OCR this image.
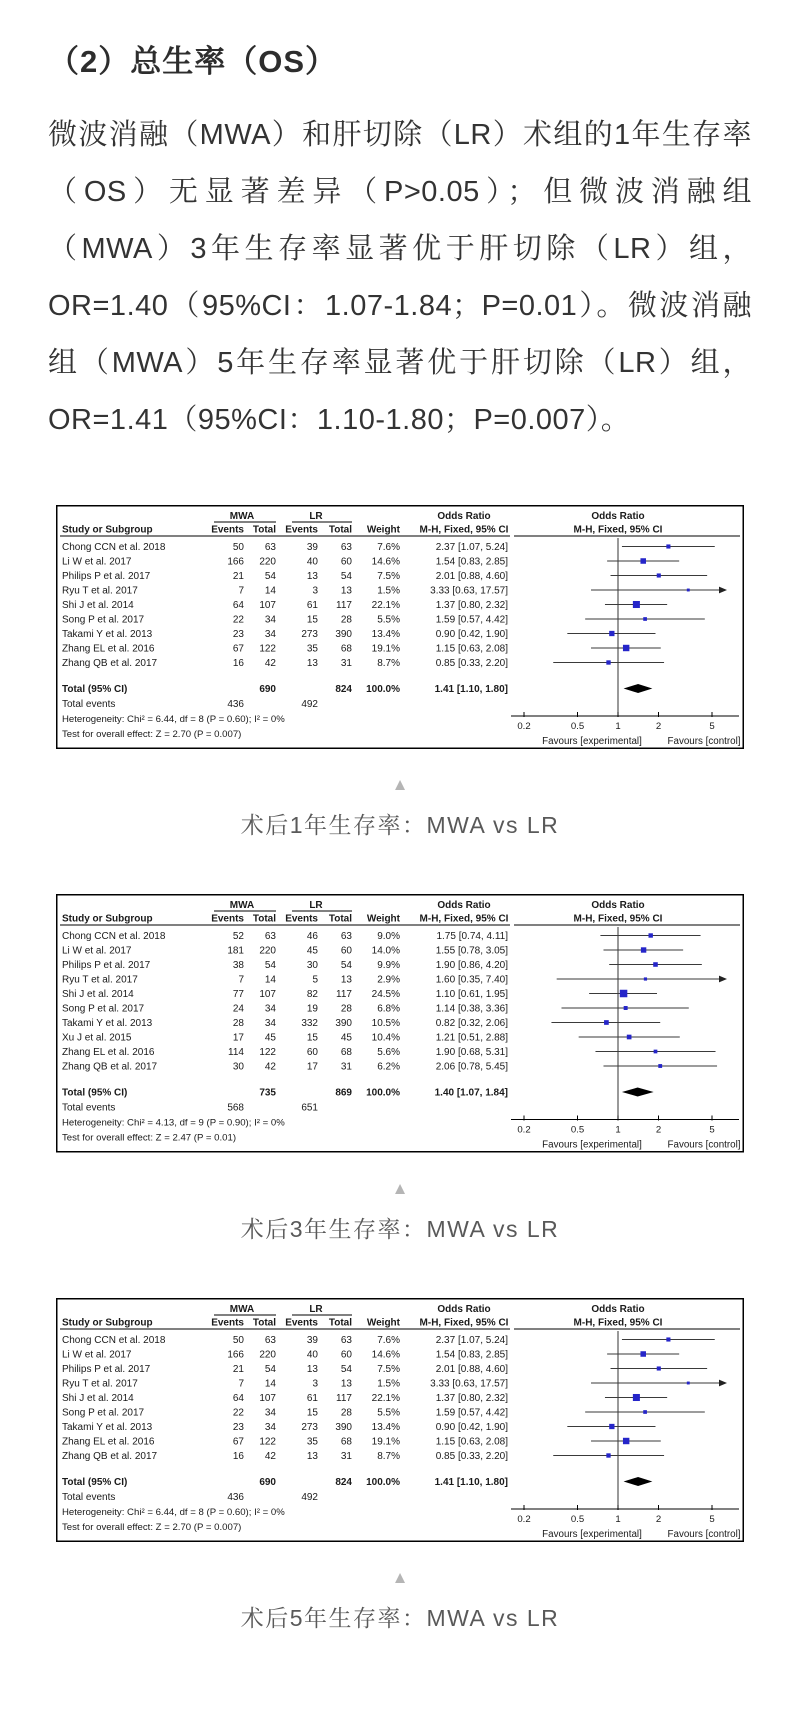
（2）总生率（OS）

微波消融（MWA）和肝切除（LR）术组的1年生存率（OS）无显著差异（P>0.05）；但微波消融组（MWA）3年生存率显著优于肝切除（LR）组，OR=1.40（95%CI：1.07-1.84；P=0.01）。微波消融组（MWA）5年生存率显著优于肝切除（LR）组，OR=1.41（95%CI：1.10-1.80；P=0.007）。

MWA	LR	Odds Ratio	Odds Ratio
Study or Subgroup	Events Total Events Total Weight M-H, Fixed, 95% CI	M-H, Fixed, 95% CI
Chong CCN et al. 2018	50 63	39 63	7.6%	2.37 [1.07, 5.24]
Li W et al. 2017	166 220	40 60 14.6%	1.54 [0.83, 2.85]
Philips P et al. 2017	21 54	13 54	7.5%	2.01 [0.88, 4.60]
Ryu T et al. 2017	7 14	3 13	1.5%	3.33 [0.63, 17.57]
Shi J et al. 2014	64 107	61 117 22.1%	1.37 [0.80, 2.32]
Song P et al. 2017	22 34	15 28	5.5%	1.59 [0.57, 4.42]
Takami Y et al. 2013	23 34	273 390 13.4%	0.90 [0.42, 1.90]
Zhang EL et al. 2016	67 122	35 68 19.1%	1.15 [0.63, 2.08]
Zhang QB et al. 2017	16 42	13 31	8.7%	0.85 [0.33, 2.20]
Total (95% CI)	690	824 100.0%	1.41 [1.10, 1.80]
Total events	436	492
Heterogeneity: Chi² = 6.44, df = 8 (P = 0.60); I² = 0%
Test for overall effect: Z = 2.70 (P = 0.007)
0.2	0.5	1	2	5
Favours [experimental]	Favours [control]
▲
术后1年生存率：MWA vs LR
MWA	LR	Odds Ratio	Odds Ratio
Study or Subgroup	Events Total Events Total Weight M-H, Fixed, 95% CI	M-H, Fixed, 95% CI
Chong CCN et al. 2018	52 63	46 63	9.0%	1.75 [0.74, 4.11]
Li W et al. 2017	181 220	45 60 14.0%	1.55 [0.78, 3.05]
Philips P et al. 2017	38 54	30 54	9.9%	1.90 [0.86, 4.20]
Ryu T et al. 2017	7 14	5 13	2.9%	1.60 [0.35, 7.40]
Shi J et al. 2014	77 107	82 117 24.5%	1.10 [0.61, 1.95]
Song P et al. 2017	24 34	19 28	6.8%	1.14 [0.38, 3.36]
Takami Y et al. 2013	28 34	332 390 10.5%	0.82 [0.32, 2.06]
Xu J et al. 2015	17 45	15 45 10.4%	1.21 [0.51, 2.88]
Zhang EL et al. 2016	114 122	60 68	5.6%	1.90 [0.68, 5.31]
Zhang QB et al. 2017	30 42	17 31	6.2%	2.06 [0.78, 5.45]
Total (95% CI)	735	869 100.0%	1.40 [1.07, 1.84]
Total events	568	651
Heterogeneity: Chi² = 4.13, df = 9 (P = 0.90); I² = 0%
Test for overall effect: Z = 2.47 (P = 0.01)
0.2	0.5	1	2	5
Favours [experimental]	Favours [control]
▲
术后3年生存率：MWA vs LR
MWA	LR	Odds Ratio	Odds Ratio
Study or Subgroup	Events Total Events Total Weight M-H, Fixed, 95% CI	M-H, Fixed, 95% CI
Chong CCN et al. 2018	50 63	39 63	7.6%	2.37 [1.07, 5.24]
Li W et al. 2017	166 220	40 60 14.6%	1.54 [0.83, 2.85]
Philips P et al. 2017	21 54	13 54	7.5%	2.01 [0.88, 4.60]
Ryu T et al. 2017	7 14	3 13	1.5%	3.33 [0.63, 17.57]
Shi J et al. 2014	64 107	61 117 22.1%	1.37 [0.80, 2.32]
Song P et al. 2017	22 34	15 28	5.5%	1.59 [0.57, 4.42]
Takami Y et al. 2013	23 34	273 390 13.4%	0.90 [0.42, 1.90]
Zhang EL et al. 2016	67 122	35 68 19.1%	1.15 [0.63, 2.08]
Zhang QB et al. 2017	16 42	13 31	8.7%	0.85 [0.33, 2.20]
Total (95% CI)	690	824 100.0%	1.41 [1.10, 1.80]
Total events	436	492
Heterogeneity: Chi² = 6.44, df = 8 (P = 0.60); I² = 0%
Test for overall effect: Z = 2.70 (P = 0.007)
0.2	0.5	1	2	5
Favours [experimental]	Favours [control]
▲
术后5年生存率：MWA vs LR
